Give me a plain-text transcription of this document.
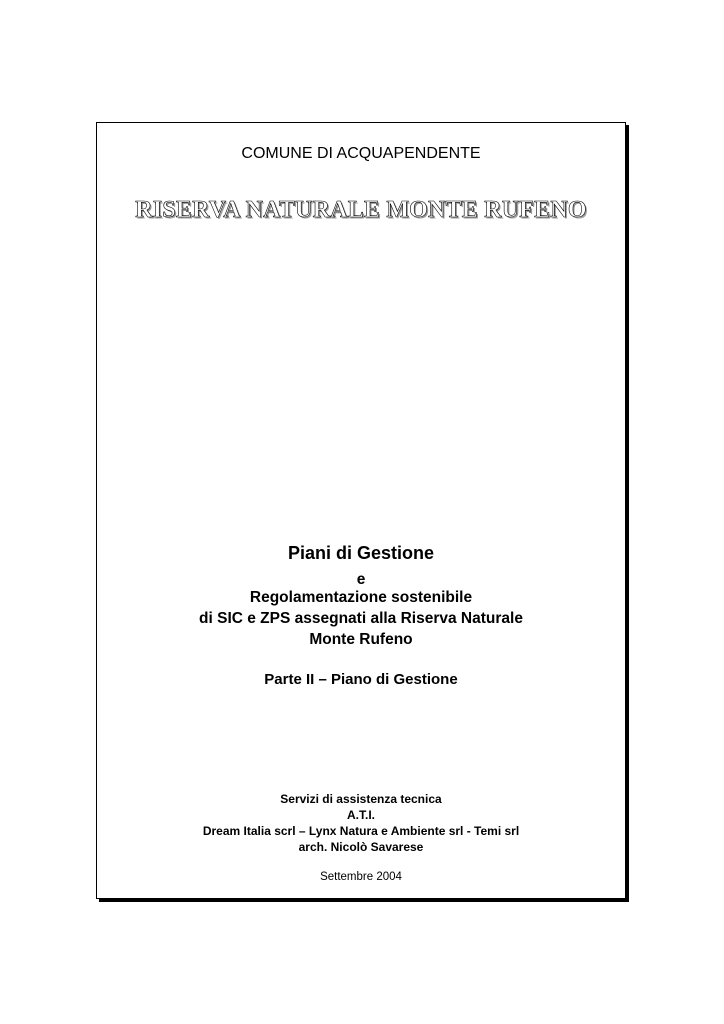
COMUNE DI ACQUAPENDENTE

RISERVA NATURALE MONTE RUFENO

Piani di Gestione

e

Regolamentazione sostenibile

di SIC e ZPS assegnati alla Riserva Naturale

Monte Rufeno

Parte II – Piano di Gestione

Servizi di assistenza tecnica

A.T.I.

Dream Italia scrl – Lynx Natura e Ambiente srl - Temi srl

arch. Nicolò Savarese

Settembre 2004
